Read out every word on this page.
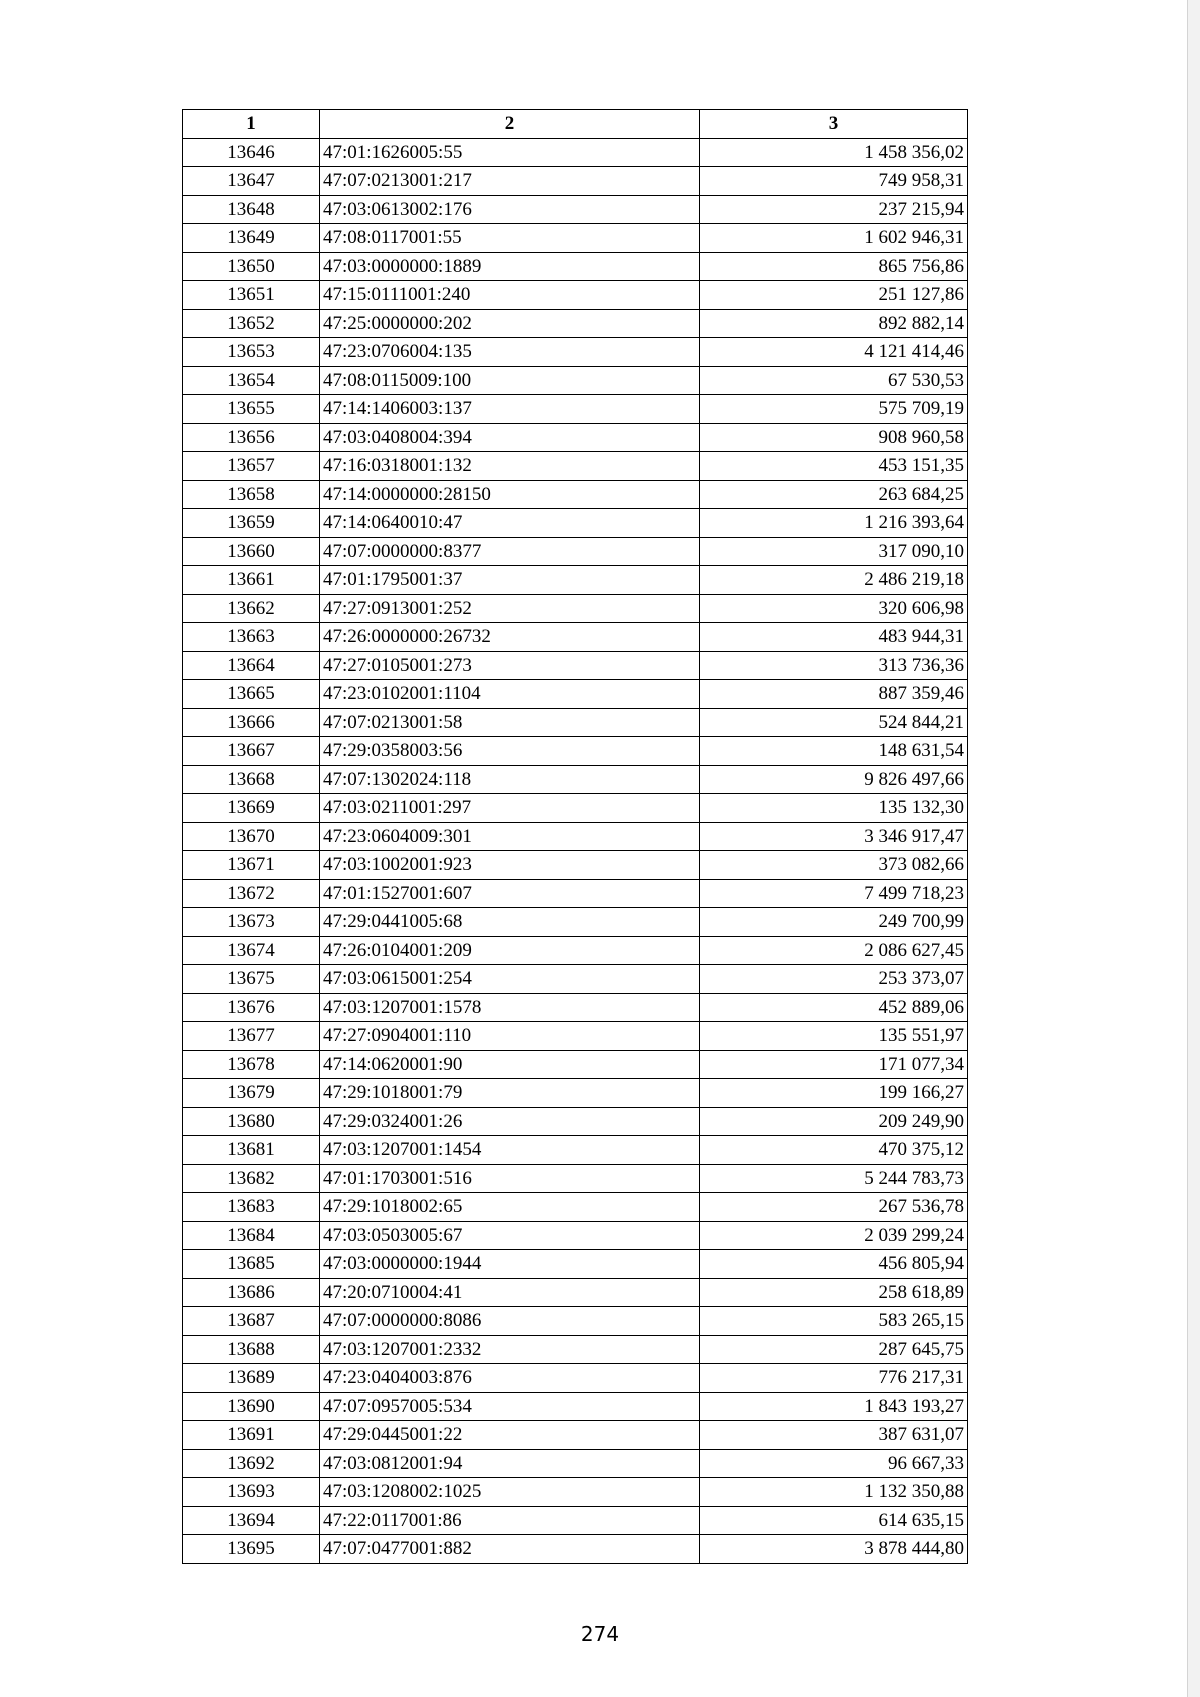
1	2	3
13646	47:01:1626005:55	1 458 356,02
13647	47:07:0213001:217	749 958,31
13648	47:03:0613002:176	237 215,94
13649	47:08:0117001:55	1 602 946,31
13650	47:03:0000000:1889	865 756,86
13651	47:15:0111001:240	251 127,86
13652	47:25:0000000:202	892 882,14
13653	47:23:0706004:135	4 121 414,46
13654	47:08:0115009:100	67 530,53
13655	47:14:1406003:137	575 709,19
13656	47:03:0408004:394	908 960,58
13657	47:16:0318001:132	453 151,35
13658	47:14:0000000:28150	263 684,25
13659	47:14:0640010:47	1 216 393,64
13660	47:07:0000000:8377	317 090,10
13661	47:01:1795001:37	2 486 219,18
13662	47:27:0913001:252	320 606,98
13663	47:26:0000000:26732	483 944,31
13664	47:27:0105001:273	313 736,36
13665	47:23:0102001:1104	887 359,46
13666	47:07:0213001:58	524 844,21
13667	47:29:0358003:56	148 631,54
13668	47:07:1302024:118	9 826 497,66
13669	47:03:0211001:297	135 132,30
13670	47:23:0604009:301	3 346 917,47
13671	47:03:1002001:923	373 082,66
13672	47:01:1527001:607	7 499 718,23
13673	47:29:0441005:68	249 700,99
13674	47:26:0104001:209	2 086 627,45
13675	47:03:0615001:254	253 373,07
13676	47:03:1207001:1578	452 889,06
13677	47:27:0904001:110	135 551,97
13678	47:14:0620001:90	171 077,34
13679	47:29:1018001:79	199 166,27
13680	47:29:0324001:26	209 249,90
13681	47:03:1207001:1454	470 375,12
13682	47:01:1703001:516	5 244 783,73
13683	47:29:1018002:65	267 536,78
13684	47:03:0503005:67	2 039 299,24
13685	47:03:0000000:1944	456 805,94
13686	47:20:0710004:41	258 618,89
13687	47:07:0000000:8086	583 265,15
13688	47:03:1207001:2332	287 645,75
13689	47:23:0404003:876	776 217,31
13690	47:07:0957005:534	1 843 193,27
13691	47:29:0445001:22	387 631,07
13692	47:03:0812001:94	96 667,33
13693	47:03:1208002:1025	1 132 350,88
13694	47:22:0117001:86	614 635,15
13695	47:07:0477001:882	3 878 444,80
274
